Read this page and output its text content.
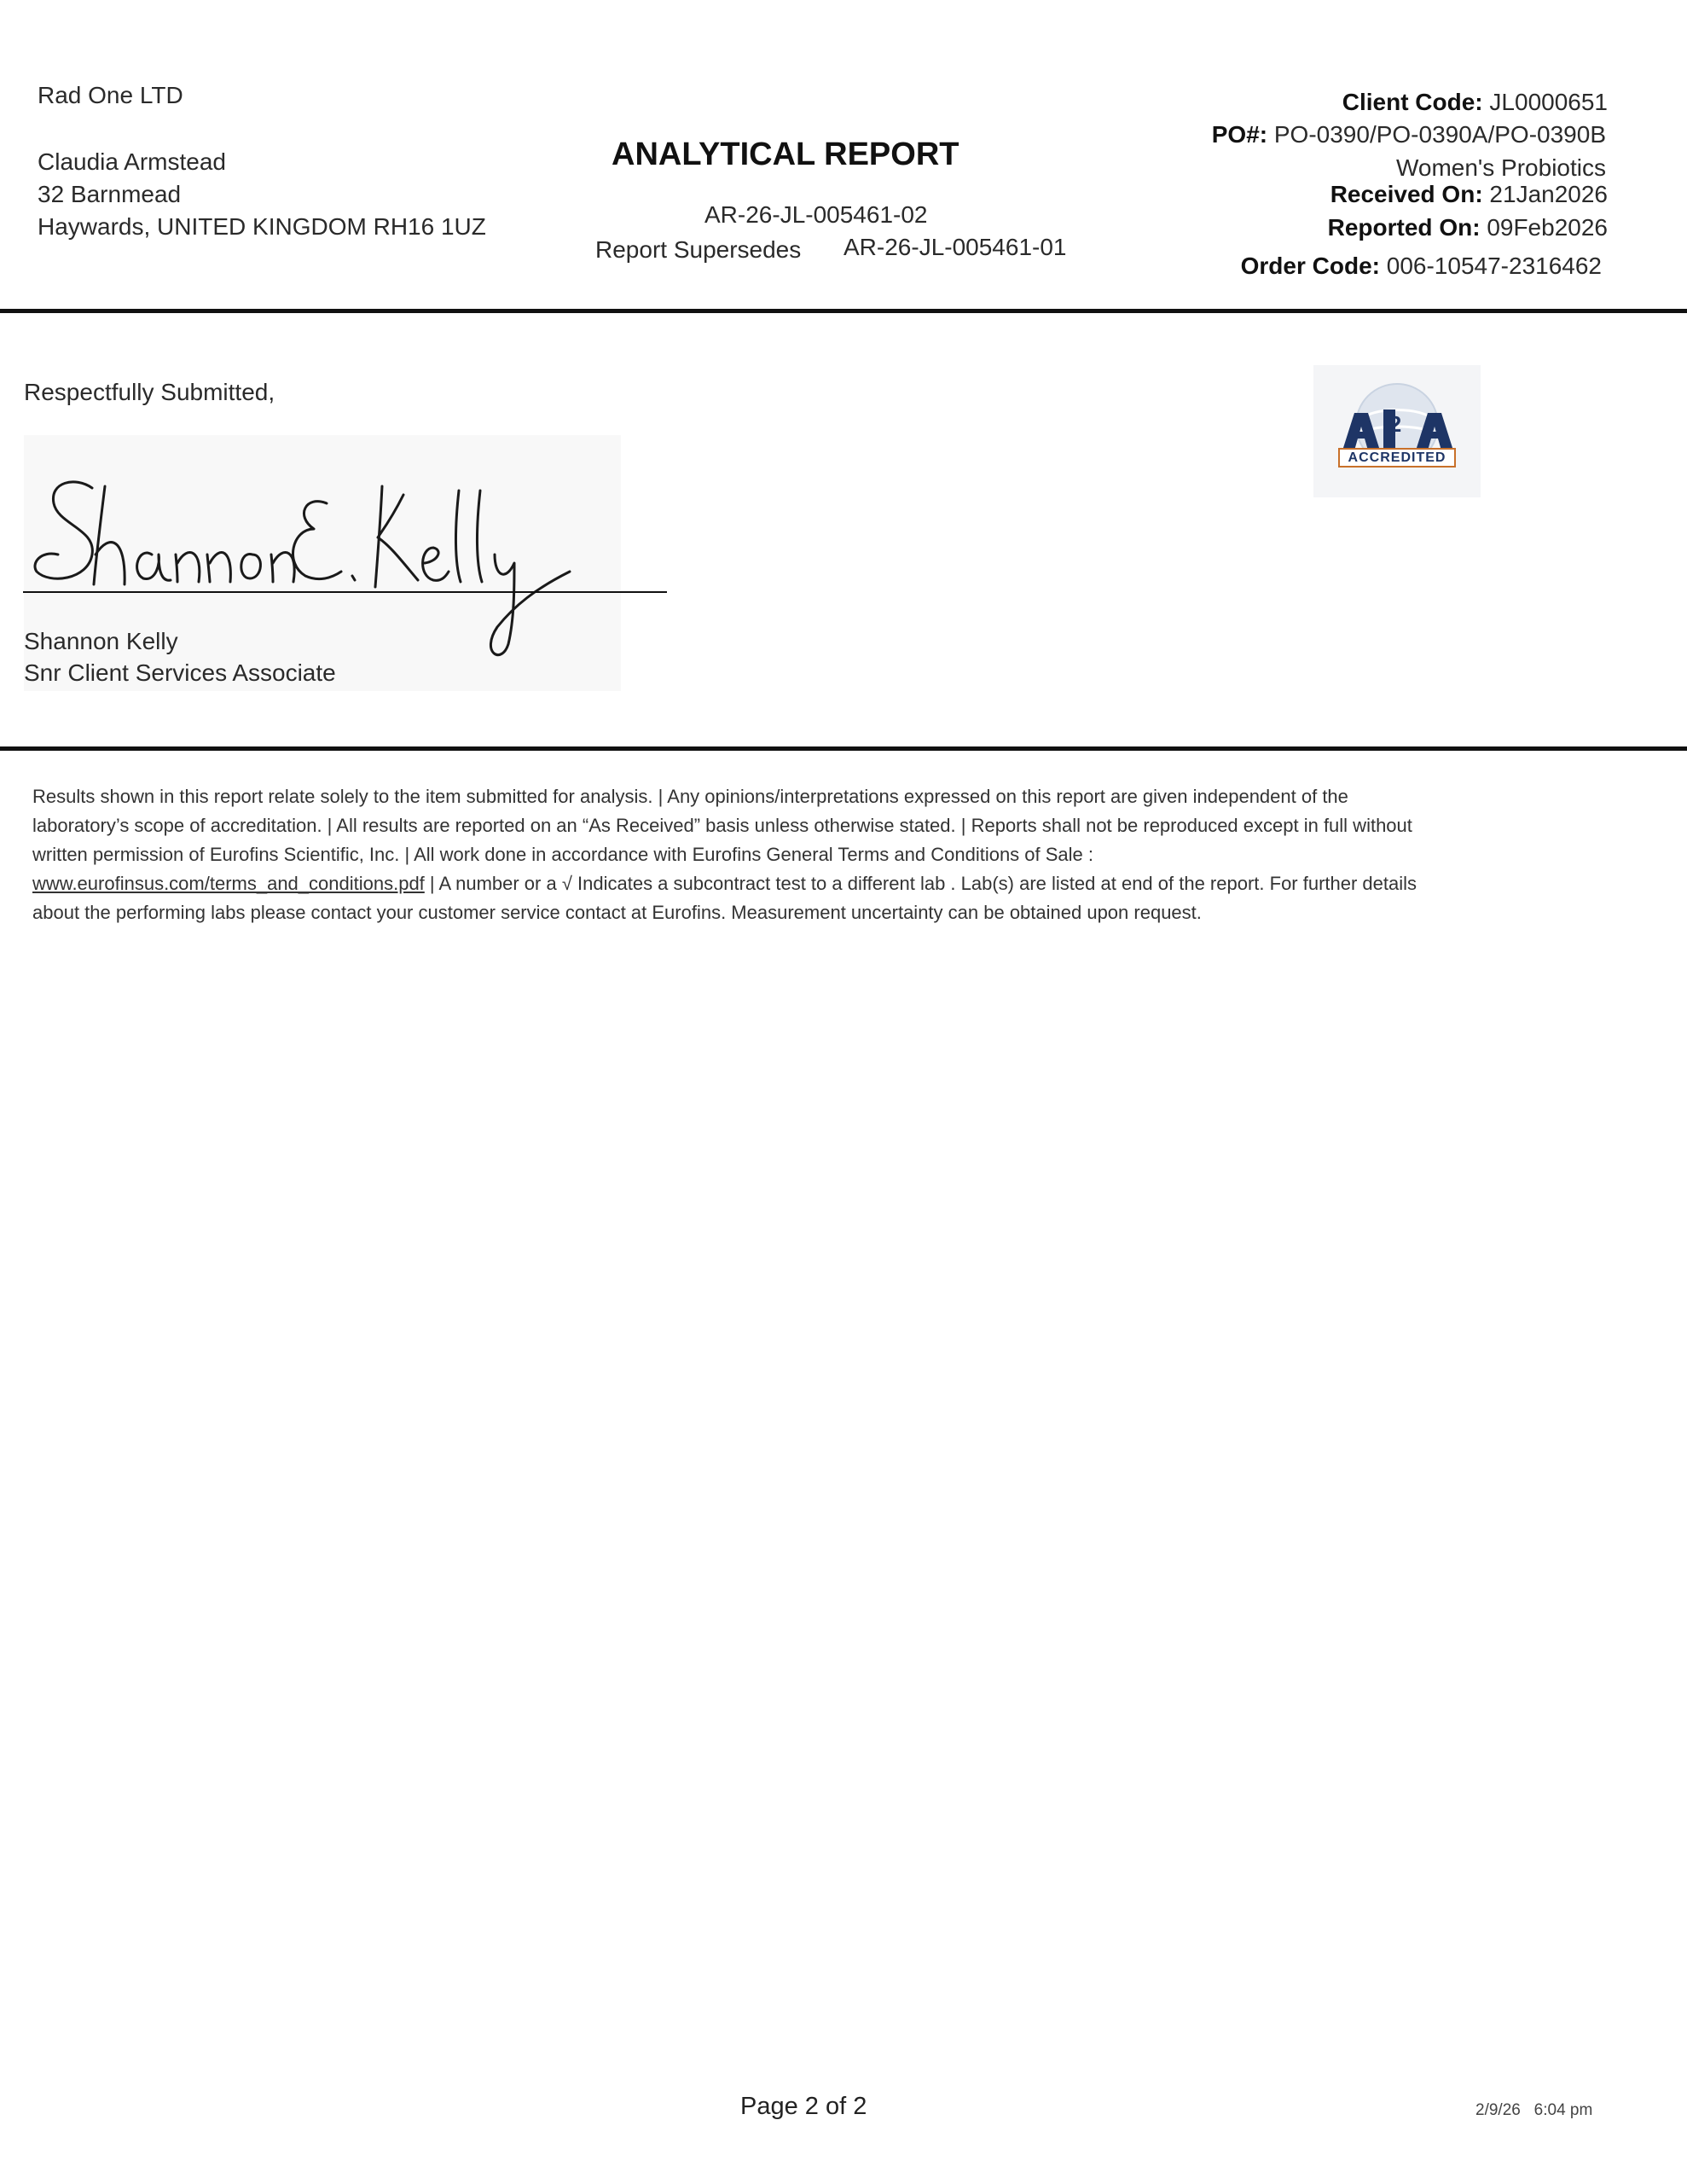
Rad One LTD
Claudia Armstead
32 Barnmead
Haywards, UNITED KINGDOM RH16 1UZ
ANALYTICAL REPORT
AR-26-JL-005461-02
Report Supersedes AR-26-JL-005461-01
Client Code: JL0000651
PO#: PO-0390/PO-0390A/PO-0390B
Women's Probiotics
Received On: 21Jan2026
Reported On: 09Feb2026
Order Code: 006-10547-2316462
Respectfully Submitted,
Shannon Kelly
Snr Client Services Associate
2
ACCREDITED
Results shown in this report relate solely to the item submitted for analysis. | Any opinions/interpretations expressed on this report are given independent of the laboratory’s scope of accreditation. | All results are reported on an “As Received” basis unless otherwise stated. | Reports shall not be reproduced except in full without written permission of Eurofins Scientific, Inc. | All work done in accordance with Eurofins General Terms and Conditions of Sale : www.eurofinsus.com/terms_and_conditions.pdf | A number or a √ Indicates a subcontract test to a different lab . Lab(s) are listed at end of the report. For further details about the performing labs please contact your customer service contact at Eurofins. Measurement uncertainty can be obtained upon request.
Page 2 of 2	2/9/26 6:04 pm
